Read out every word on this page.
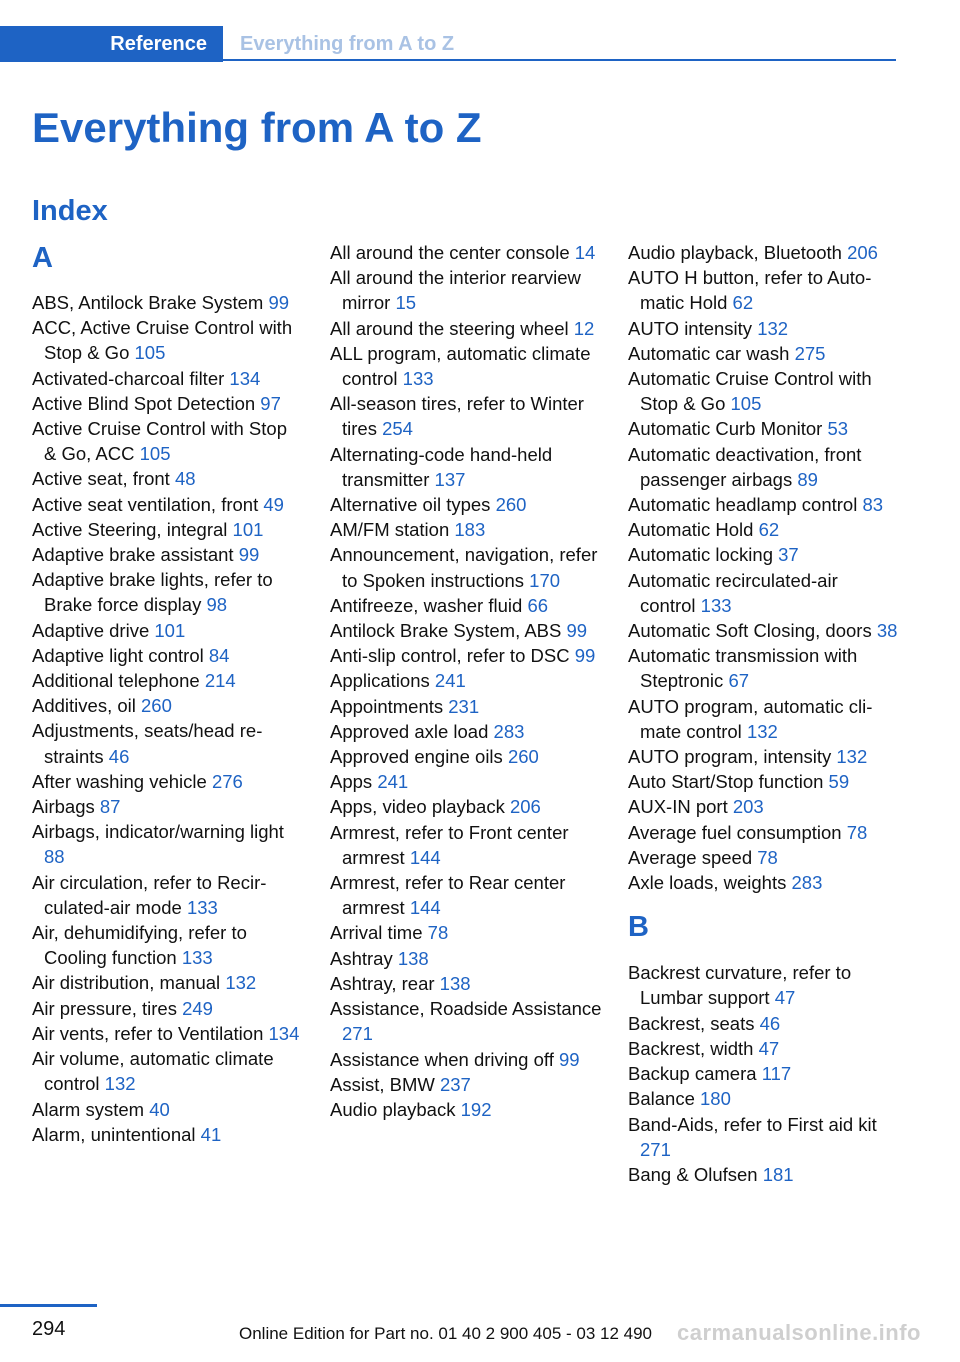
Reference	Everything from A to Z
Everything from A to Z
Index
A
ABS, Antilock Brake System 99
ACC, Active Cruise Control with Stop & Go 105
Activated-charcoal filter 134
Active Blind Spot Detection 97
Active Cruise Control with Stop & Go, ACC 105
Active seat, front 48
Active seat ventilation, front 49
Active Steering, integral 101
Adaptive brake assistant 99
Adaptive brake lights, refer to Brake force display 98
Adaptive drive 101
Adaptive light control 84
Additional telephone 214
Additives, oil 260
Adjustments, seats/head restraints 46
After washing vehicle 276
Airbags 87
Airbags, indicator/warning light 88
Air circulation, refer to Recirculated-air mode 133
Air, dehumidifying, refer to Cooling function 133
Air distribution, manual 132
Air pressure, tires 249
Air vents, refer to Ventilation 134
Air volume, automatic climate control 132
Alarm system 40
Alarm, unintentional 41
All around the center console 14
All around the interior rearview mirror 15
All around the steering wheel 12
ALL program, automatic climate control 133
All-season tires, refer to Winter tires 254
Alternating-code hand-held transmitter 137
Alternative oil types 260
AM/FM station 183
Announcement, navigation, refer to Spoken instructions 170
Antifreeze, washer fluid 66
Antilock Brake System, ABS 99
Anti-slip control, refer to DSC 99
Applications 241
Appointments 231
Approved axle load 283
Approved engine oils 260
Apps 241
Apps, video playback 206
Armrest, refer to Front center armrest 144
Armrest, refer to Rear center armrest 144
Arrival time 78
Ashtray 138
Ashtray, rear 138
Assistance, Roadside Assistance 271
Assistance when driving off 99
Assist, BMW 237
Audio playback 192
Audio playback, Bluetooth 206
AUTO H button, refer to Automatic Hold 62
AUTO intensity 132
Automatic car wash 275
Automatic Cruise Control with Stop & Go 105
Automatic Curb Monitor 53
Automatic deactivation, front passenger airbags 89
Automatic headlamp control 83
Automatic Hold 62
Automatic locking 37
Automatic recirculated-air control 133
Automatic Soft Closing, doors 38
Automatic transmission with Steptronic 67
AUTO program, automatic climate control 132
AUTO program, intensity 132
Auto Start/Stop function 59
AUX-IN port 203
Average fuel consumption 78
Average speed 78
Axle loads, weights 283
B
Backrest curvature, refer to Lumbar support 47
Backrest, seats 46
Backrest, width 47
Backup camera 117
Balance 180
Band-Aids, refer to First aid kit 271
Bang & Olufsen 181
294	Online Edition for Part no. 01 40 2 900 405 - 03 12 490 carmanualsonline.info
